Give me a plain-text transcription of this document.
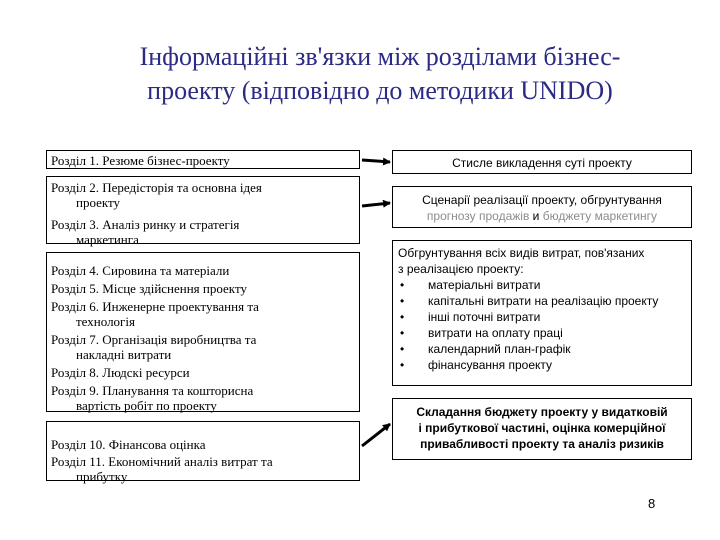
Інформаційні зв'язки між розділами бізнес-
проекту (відповідно до методики UNIDO)
Розділ 1. Резюме бізнес-проекту
Розділ 2. Передісторія та основна ідея
проекту
Розділ 3. Аналіз ринку и стратегія
маркетинга
Розділ 4. Сировина та матеріали
Розділ 5. Місце здійснення проекту
Розділ 6. Инженерне проектування та
технологія
Розділ 7. Організація виробництва та
накладні витрати
Розділ 8. Людскі ресурси
Розділ 9. Планування та кошторисна
вартість робіт по проекту
Розділ 10. Фінансова оцінка
Розділ 11. Економічний аналіз витрат та
прибутку
Стисле викладення суті проекту
Сценарії реалізації проекту, обгрунтування
прогнозу продажів и бюджету маркетингу
Обгрунтування всіх видів витрат, пов'язаних
з реалізацією проекту:
• матеріальні витрати
• капітальні витрати на реалізацію проекту
• інші поточні витрати
• витрати на оплату праці
• календарний план-графік
• фінансування проекту
Складання бюджету проекту у видатковій
і прибуткової частині, оцінка комерційної
привабливості проекту та аналіз ризиків
8
